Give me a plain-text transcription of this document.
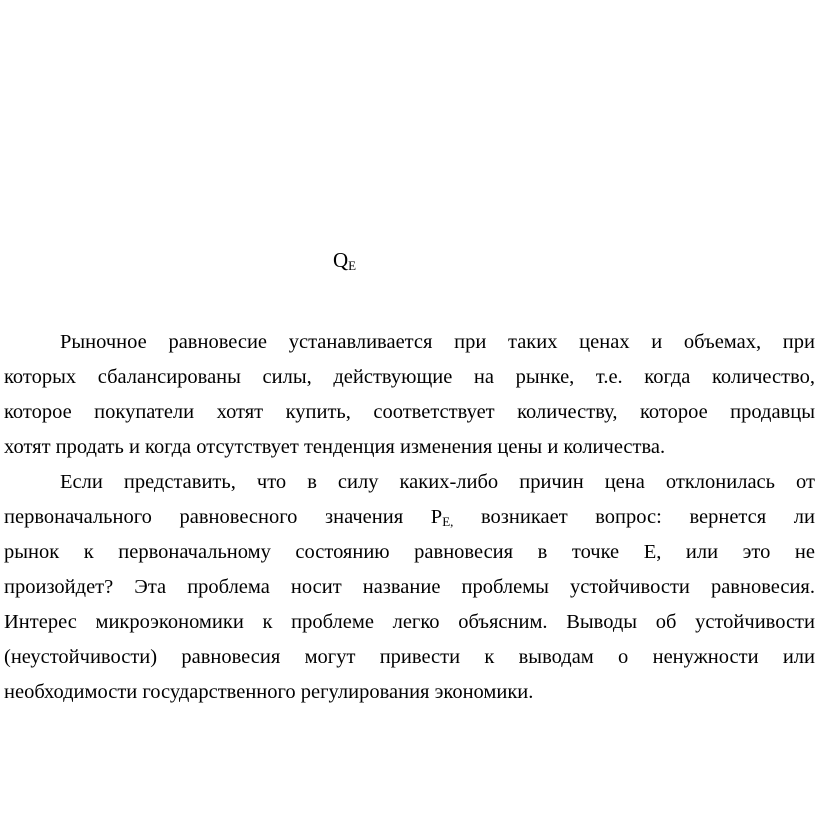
$Q_E$
Рыночное равновесие устанавливается при таких ценах и объемах, при
которых сбалансированы силы, действующие на рынке, т.е. когда количество,
которое покупатели хотят купить, соответствует количеству, которое продавцы
хотят продать и когда отсутствует тенденция изменения цены и количества.
Если представить, что в силу каких-либо причин цена отклонилась от
первоначального равновесного значения PE, возникает вопрос: вернется ли
рынок к первоначальному состоянию равновесия в точке E, или это не
произойдет? Эта проблема носит название проблемы устойчивости равновесия.
Интерес микроэкономики к проблеме легко объясним. Выводы об устойчивости
(неустойчивости) равновесия могут привести к выводам о ненужности или
необходимости государственного регулирования экономики.
